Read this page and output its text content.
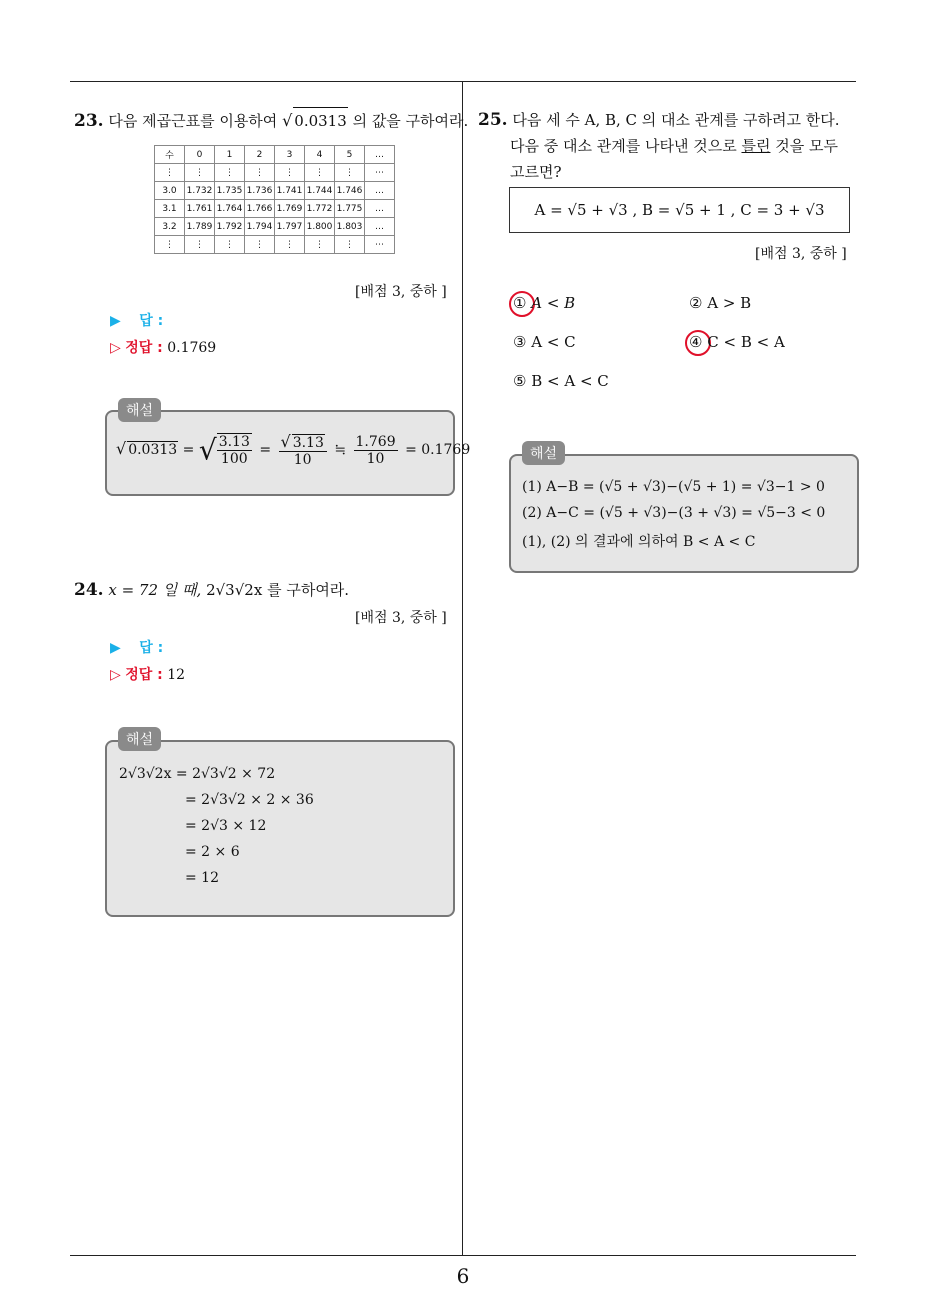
6
23. 다음 제곱근표를 이용하여 √ 0.0313 의 값을 구하여라.
수	0	1	2	3	4	5	…
⋮	⋮	⋮	⋮	⋮	⋮	⋮	⋯
3.0	1.732	1.735	1.736	1.741	1.744	1.746	…
3.1	1.761	1.764	1.766	1.769	1.772	1.775	…
3.2	1.789	1.792	1.794	1.797	1.800	1.803	…
⋮	⋮	⋮	⋮	⋮	⋮	⋮	⋯
[배점 3, 중하 ]
▶ 답 :
▷ 정답 : 0.1769
해설
√ 0.0313 = √ $\frac{3.13}{100} = \frac{√ 3.13}{10}$ ≒ $\frac{1.769}{10} = 0.1769$
24. x = 72 일 때, 2√3√2x 를 구하여라.
[배점 3, 중하 ]
▶ 답 :
▷ 정답 : 12
해설
2√3√2x = 2√3√2 × 72
= 2√3√2 × 2 × 36
= 2√3 × 12
= 2 × 6
= 12
25. 다음 세 수 A, B, C 의 대소 관계를 구하려고 한다.
다음 중 대소 관계를 나타낸 것으로 틀린 것을 모두
고르면?
A = √5 + √3 , B = √5 + 1 , C = 3 + √3
[배점 3, 중하 ]
① A < B	② A > B
③ A < C	④ C < B < A
⑤ B < A < C
해설
(1) A−B = (√5 + √3)−(√5 + 1) = √3−1 > 0
(2) A−C = (√5 + √3)−(3 + √3) = √5−3 < 0
(1), (2) 의 결과에 의하여 B < A < C
